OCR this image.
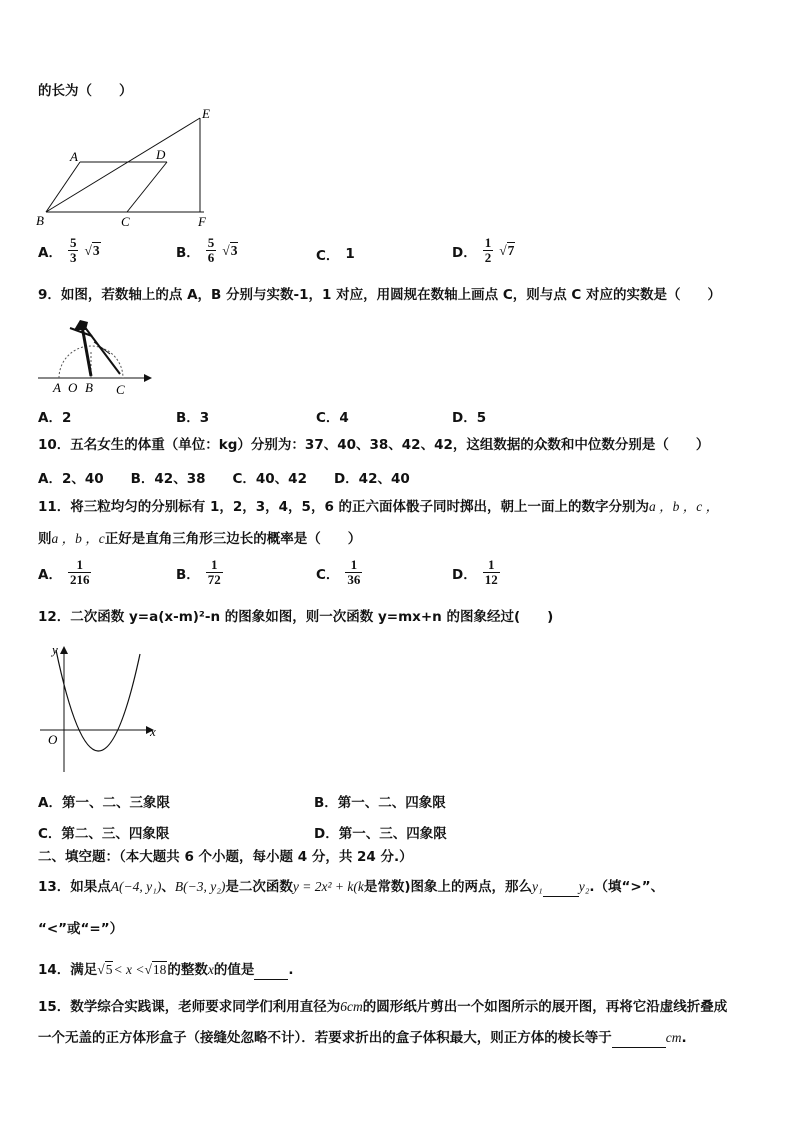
的长为（　　）
A	D
E
B	C	F
A． $\frac{5}{3} √3$	B． $\frac{5}{6} √3$	C． 1	D． $\frac{1}{2} √7$
9．如图，若数轴上的点 A，B 分别与实数-1，1 对应，用圆规在数轴上画点 C，则与点 C 对应的实数是（　　）
A O B C
A．2	B．3	C．4	D．5
10．五名女生的体重（单位：kg）分别为：37、40、38、42、42，这组数据的众数和中位数分别是（　　）
A．2、40　　B．42、38　　C．40、42　　D．42、40
11．将三粒均匀的分别标有 1，2，3，4，5，6 的正六面体骰子同时掷出，朝上一面上的数字分别为a ，b ，c ，
则a ，b ，c正好是直角三角形三边长的概率是（　　）
A． $\frac{1}{216}$	B． $\frac{1}{72}$	C． $\frac{1}{36}$	D． $\frac{1}{12}$
12．二次函数 y=a(x-m)²-n 的图象如图，则一次函数 y=mx+n 的图象经过(　　)
y
x
O
A．第一、二、三象限	B．第一、二、四象限
C．第二、三、四象限	D．第一、三、四象限
二、填空题：（本大题共 6 个小题，每小题 4 分，共 24 分.）
13．如果点A(−4, y₁)、B(−3, y₂)是二次函数y = 2x² + k(k是常数)图象上的两点，那么y₁	y₂.（填“>”、
“<”或“=”）
14．满足√5< x <√18的整数x的值是	.
15．数学综合实践课，老师要求同学们利用直径为6cm的圆形纸片剪出一个如图所示的展开图，再将它沿虚线折叠成
一个无盖的正方体形盒子（接缝处忽略不计）．若要求折出的盒子体积最大，则正方体的棱长等于	cm.
